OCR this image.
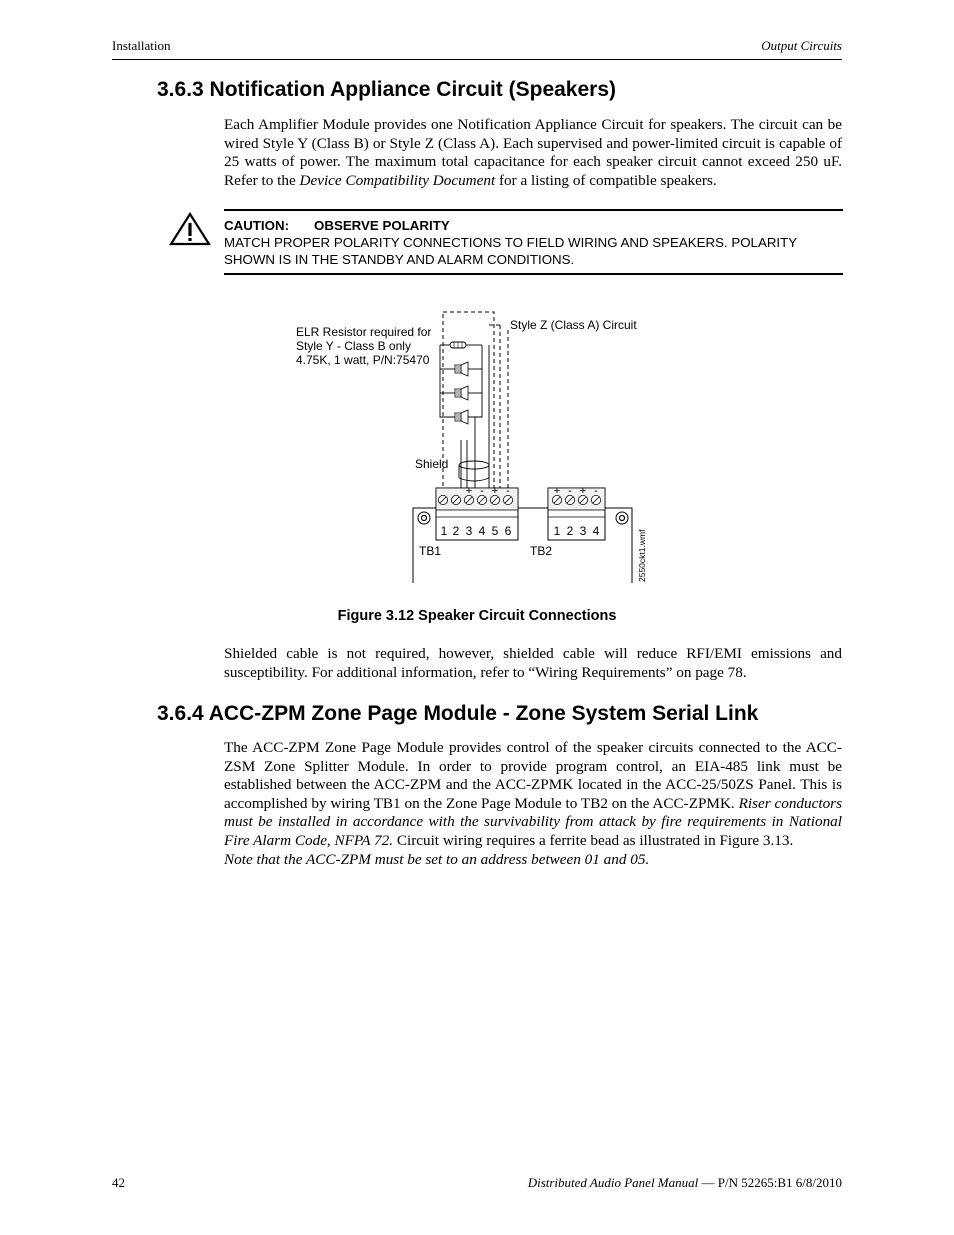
Installation	Output Circuits
3.6.3 Notification Appliance Circuit (Speakers)

Each Amplifier Module provides one Notification Appliance Circuit for speakers. The circuit can be wired Style Y (Class B) or Style Z (Class A). Each supervised and power-limited circuit is capable of 25 watts of power. The maximum total capacitance for each speaker circuit cannot exceed 250 uF. Refer to the Device Compatibility Document for a listing of compatible speakers.

CAUTION: OBSERVE POLARITY
MATCH PROPER POLARITY CONNECTIONS TO FIELD WIRING AND SPEAKERS. POLARITY SHOWN IS IN THE STANDBY AND ALARM CONDITIONS.
+ - + -
1 2 3 4 5 6
+ - + -
1 2 3 4
ELR Resistor required for
Style Y - Class B only
4.75K, 1 watt, P/N:75470
Style Z (Class A) Circuit
Shield
TB1	TB2	2550ckt1.wmf
Figure 3.12 Speaker Circuit Connections

Shielded cable is not required, however, shielded cable will reduce RFI/EMI emissions and susceptibility. For additional information, refer to “Wiring Requirements” on page 78.

3.6.4 ACC-ZPM Zone Page Module - Zone System Serial Link

The ACC-ZPM Zone Page Module provides control of the speaker circuits connected to the ACC-ZSM Zone Splitter Module. In order to provide program control, an EIA-485 link must be established between the ACC-ZPM and the ACC-ZPMK located in the ACC-25/50ZS Panel. This is accomplished by wiring TB1 on the Zone Page Module to TB2 on the ACC-ZPMK. Riser conductors must be installed in accordance with the survivability from attack by fire requirements in National Fire Alarm Code, NFPA 72. Circuit wiring requires a ferrite bead as illustrated in Figure 3.13.
Note that the ACC-ZPM must be set to an address between 01 and 05.

42	Distributed Audio Panel Manual — P/N 52265:B1 6/8/2010
